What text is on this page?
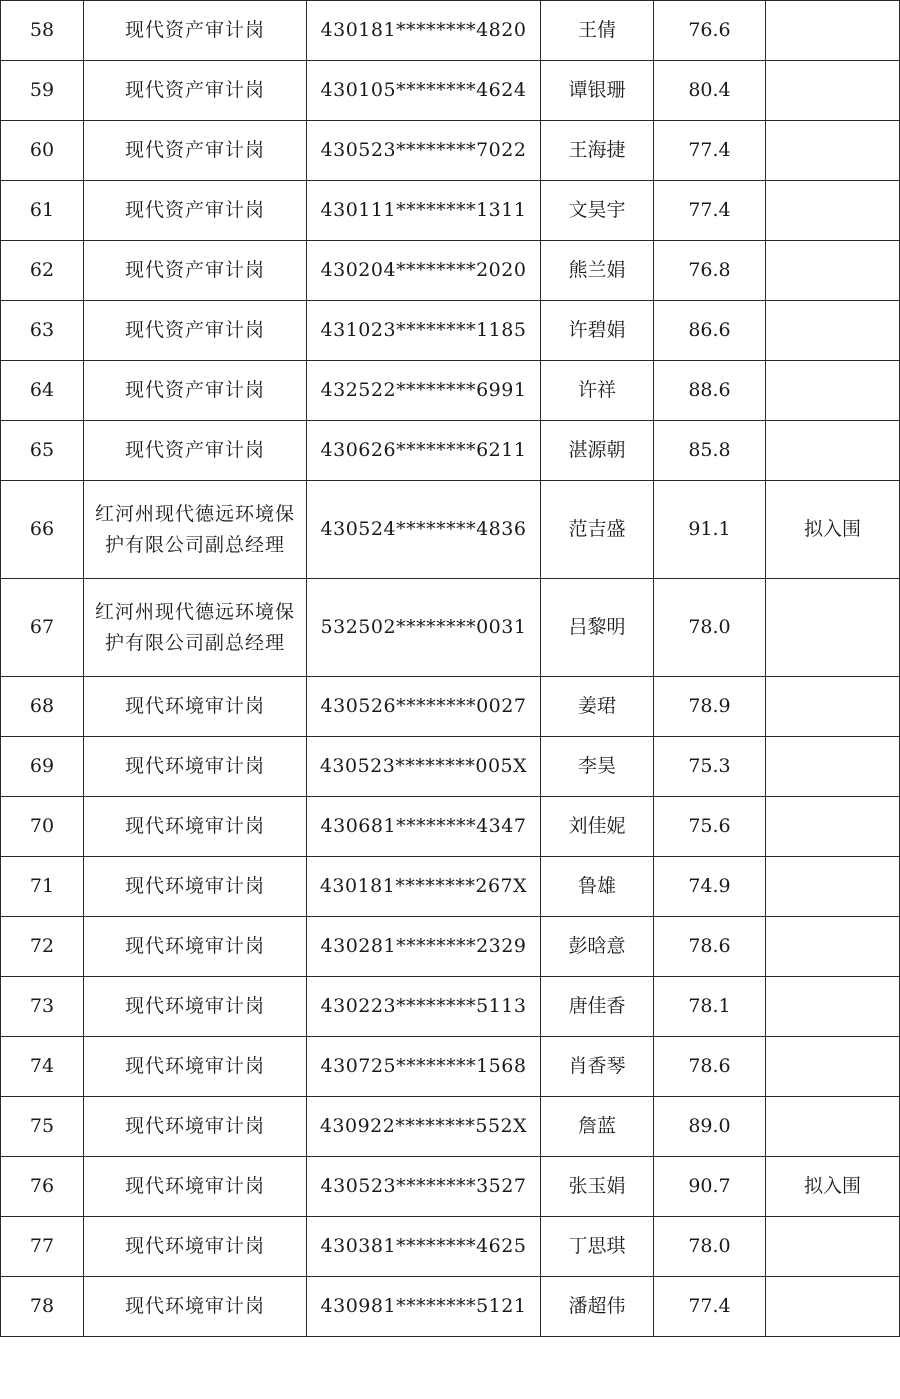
58	现代资产审计岗	430181********4820	王倩	76.6	
59	现代资产审计岗	430105********4624	谭银珊	80.4	
60	现代资产审计岗	430523********7022	王海捷	77.4	
61	现代资产审计岗	430111********1311	文昊宇	77.4	
62	现代资产审计岗	430204********2020	熊兰娟	76.8	
63	现代资产审计岗	431023********1185	许碧娟	86.6	
64	现代资产审计岗	432522********6991	许祥	88.6	
65	现代资产审计岗	430626********6211	湛源朝	85.8	
66	红河州现代德远环境保护有限公司副总经理	430524********4836	范吉盛	91.1	拟入围
67	红河州现代德远环境保护有限公司副总经理	532502********0031	吕黎明	78.0	
68	现代环境审计岗	430526********0027	姜珺	78.9	
69	现代环境审计岗	430523********005X	李昊	75.3	
70	现代环境审计岗	430681********4347	刘佳妮	75.6	
71	现代环境审计岗	430181********267X	鲁雄	74.9	
72	现代环境审计岗	430281********2329	彭晗意	78.6	
73	现代环境审计岗	430223********5113	唐佳香	78.1	
74	现代环境审计岗	430725********1568	肖香琴	78.6	
75	现代环境审计岗	430922********552X	詹蓝	89.0	
76	现代环境审计岗	430523********3527	张玉娟	90.7	拟入围
77	现代环境审计岗	430381********4625	丁思琪	78.0	
78	现代环境审计岗	430981********5121	潘超伟	77.4	
